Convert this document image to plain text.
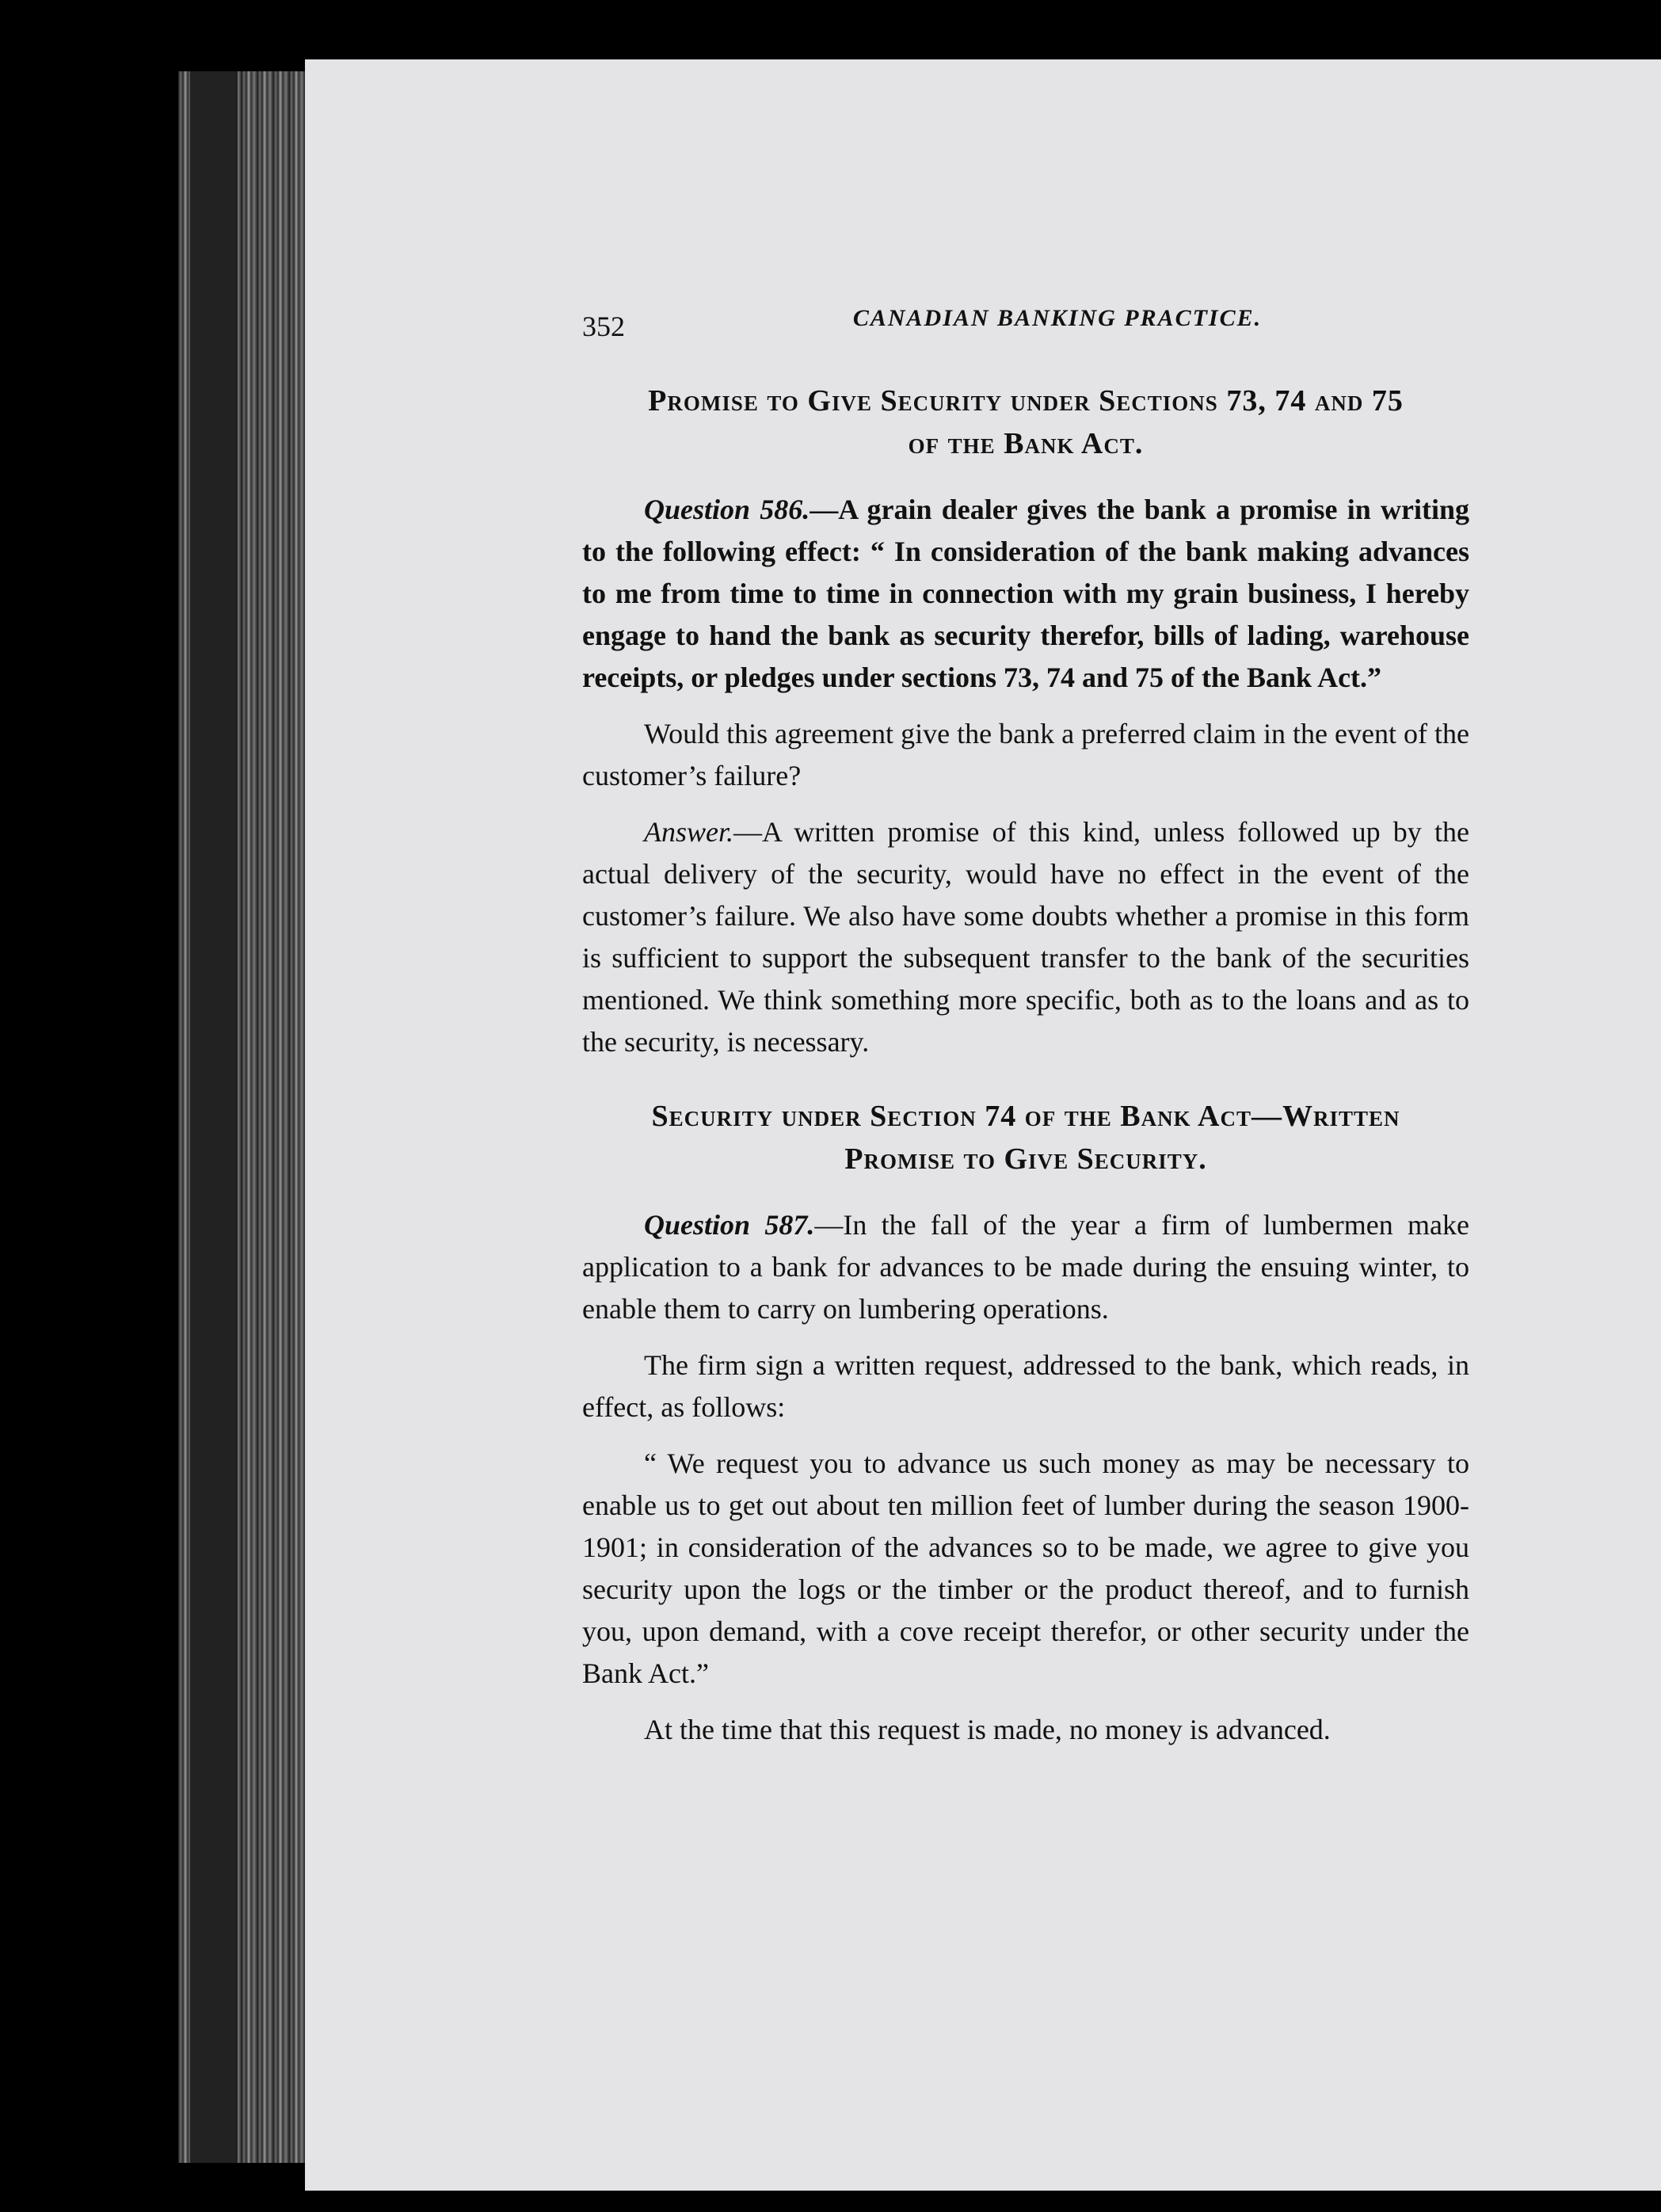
352	CANADIAN BANKING PRACTICE.
Promise to Give Security under Sections 73, 74 and 75
of the Bank Act.

Question 586.—A grain dealer gives the bank a promise in writing to the following effect: “ In consideration of the bank making advances to me from time to time in connection with my grain business, I hereby engage to hand the bank as security therefor, bills of lading, warehouse receipts, or pledges under sections 73, 74 and 75 of the Bank Act.”

Would this agreement give the bank a preferred claim in the event of the customer’s failure?

Answer.—A written promise of this kind, unless followed up by the actual delivery of the security, would have no effect in the event of the customer’s failure. We also have some doubts whether a promise in this form is sufficient to support the subsequent transfer to the bank of the securities mentioned. We think something more specific, both as to the loans and as to the security, is necessary.

Security under Section 74 of the Bank Act—Written
Promise to Give Security.

Question 587.—In the fall of the year a firm of lumbermen make application to a bank for advances to be made during the ensuing winter, to enable them to carry on lumbering operations.

The firm sign a written request, addressed to the bank, which reads, in effect, as follows:

“ We request you to advance us such money as may be necessary to enable us to get out about ten million feet of lumber during the season 1900-1901; in consideration of the advances so to be made, we agree to give you security upon the logs or the timber or the product thereof, and to furnish you, upon demand, with a cove receipt therefor, or other security under the Bank Act.”

At the time that this request is made, no money is advanced.
